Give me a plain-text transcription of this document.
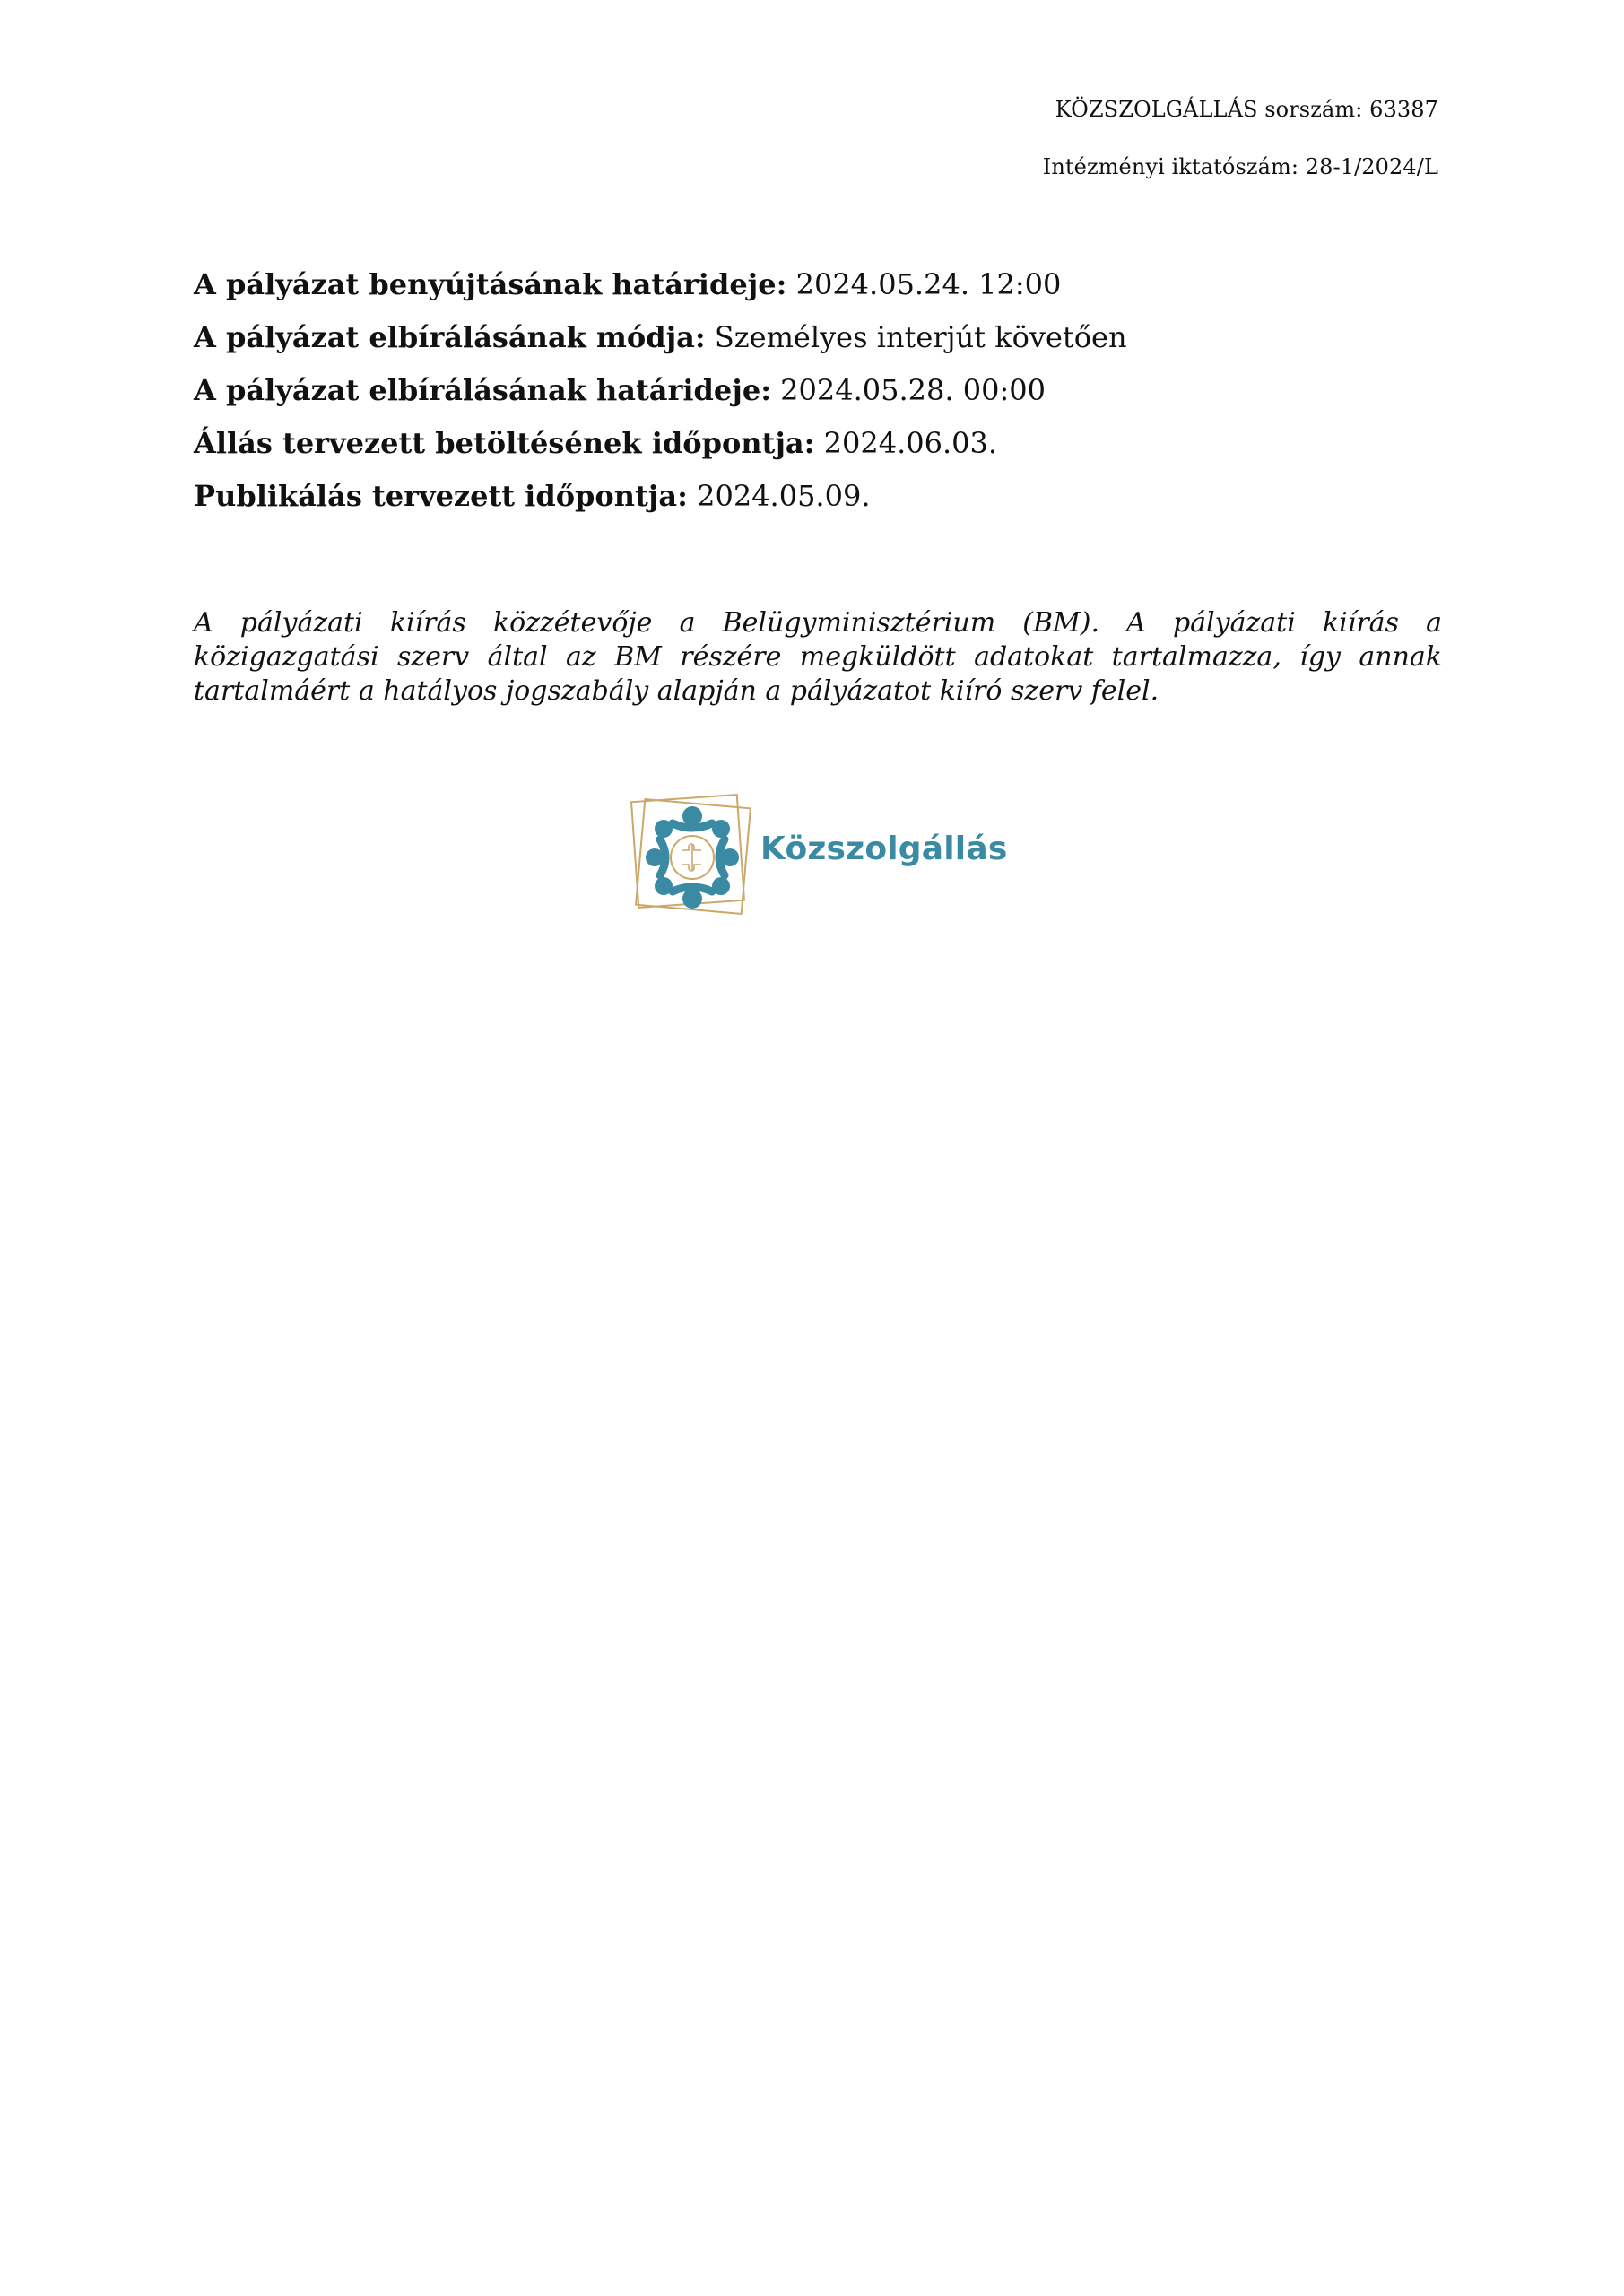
KÖZSZOLGÁLLÁS sorszám: 63387
Intézményi iktatószám: 28-1/2024/L
A pályázat benyújtásának határideje: 2024.05.24. 12:00
A pályázat elbírálásának módja: Személyes interjút követően
A pályázat elbírálásának határideje: 2024.05.28. 00:00
Állás tervezett betöltésének időpontja: 2024.06.03.
Publikálás tervezett időpontja: 2024.05.09.
A pályázati kiírás közzétevője a Belügyminisztérium (BM). A pályázati kiírás a közigazgatási szerv által az BM részére megküldött adatokat tartalmazza, így annak tartalmáért a hatályos jogszabály alapján a pályázatot kiíró szerv felel.
Közszolgállás
